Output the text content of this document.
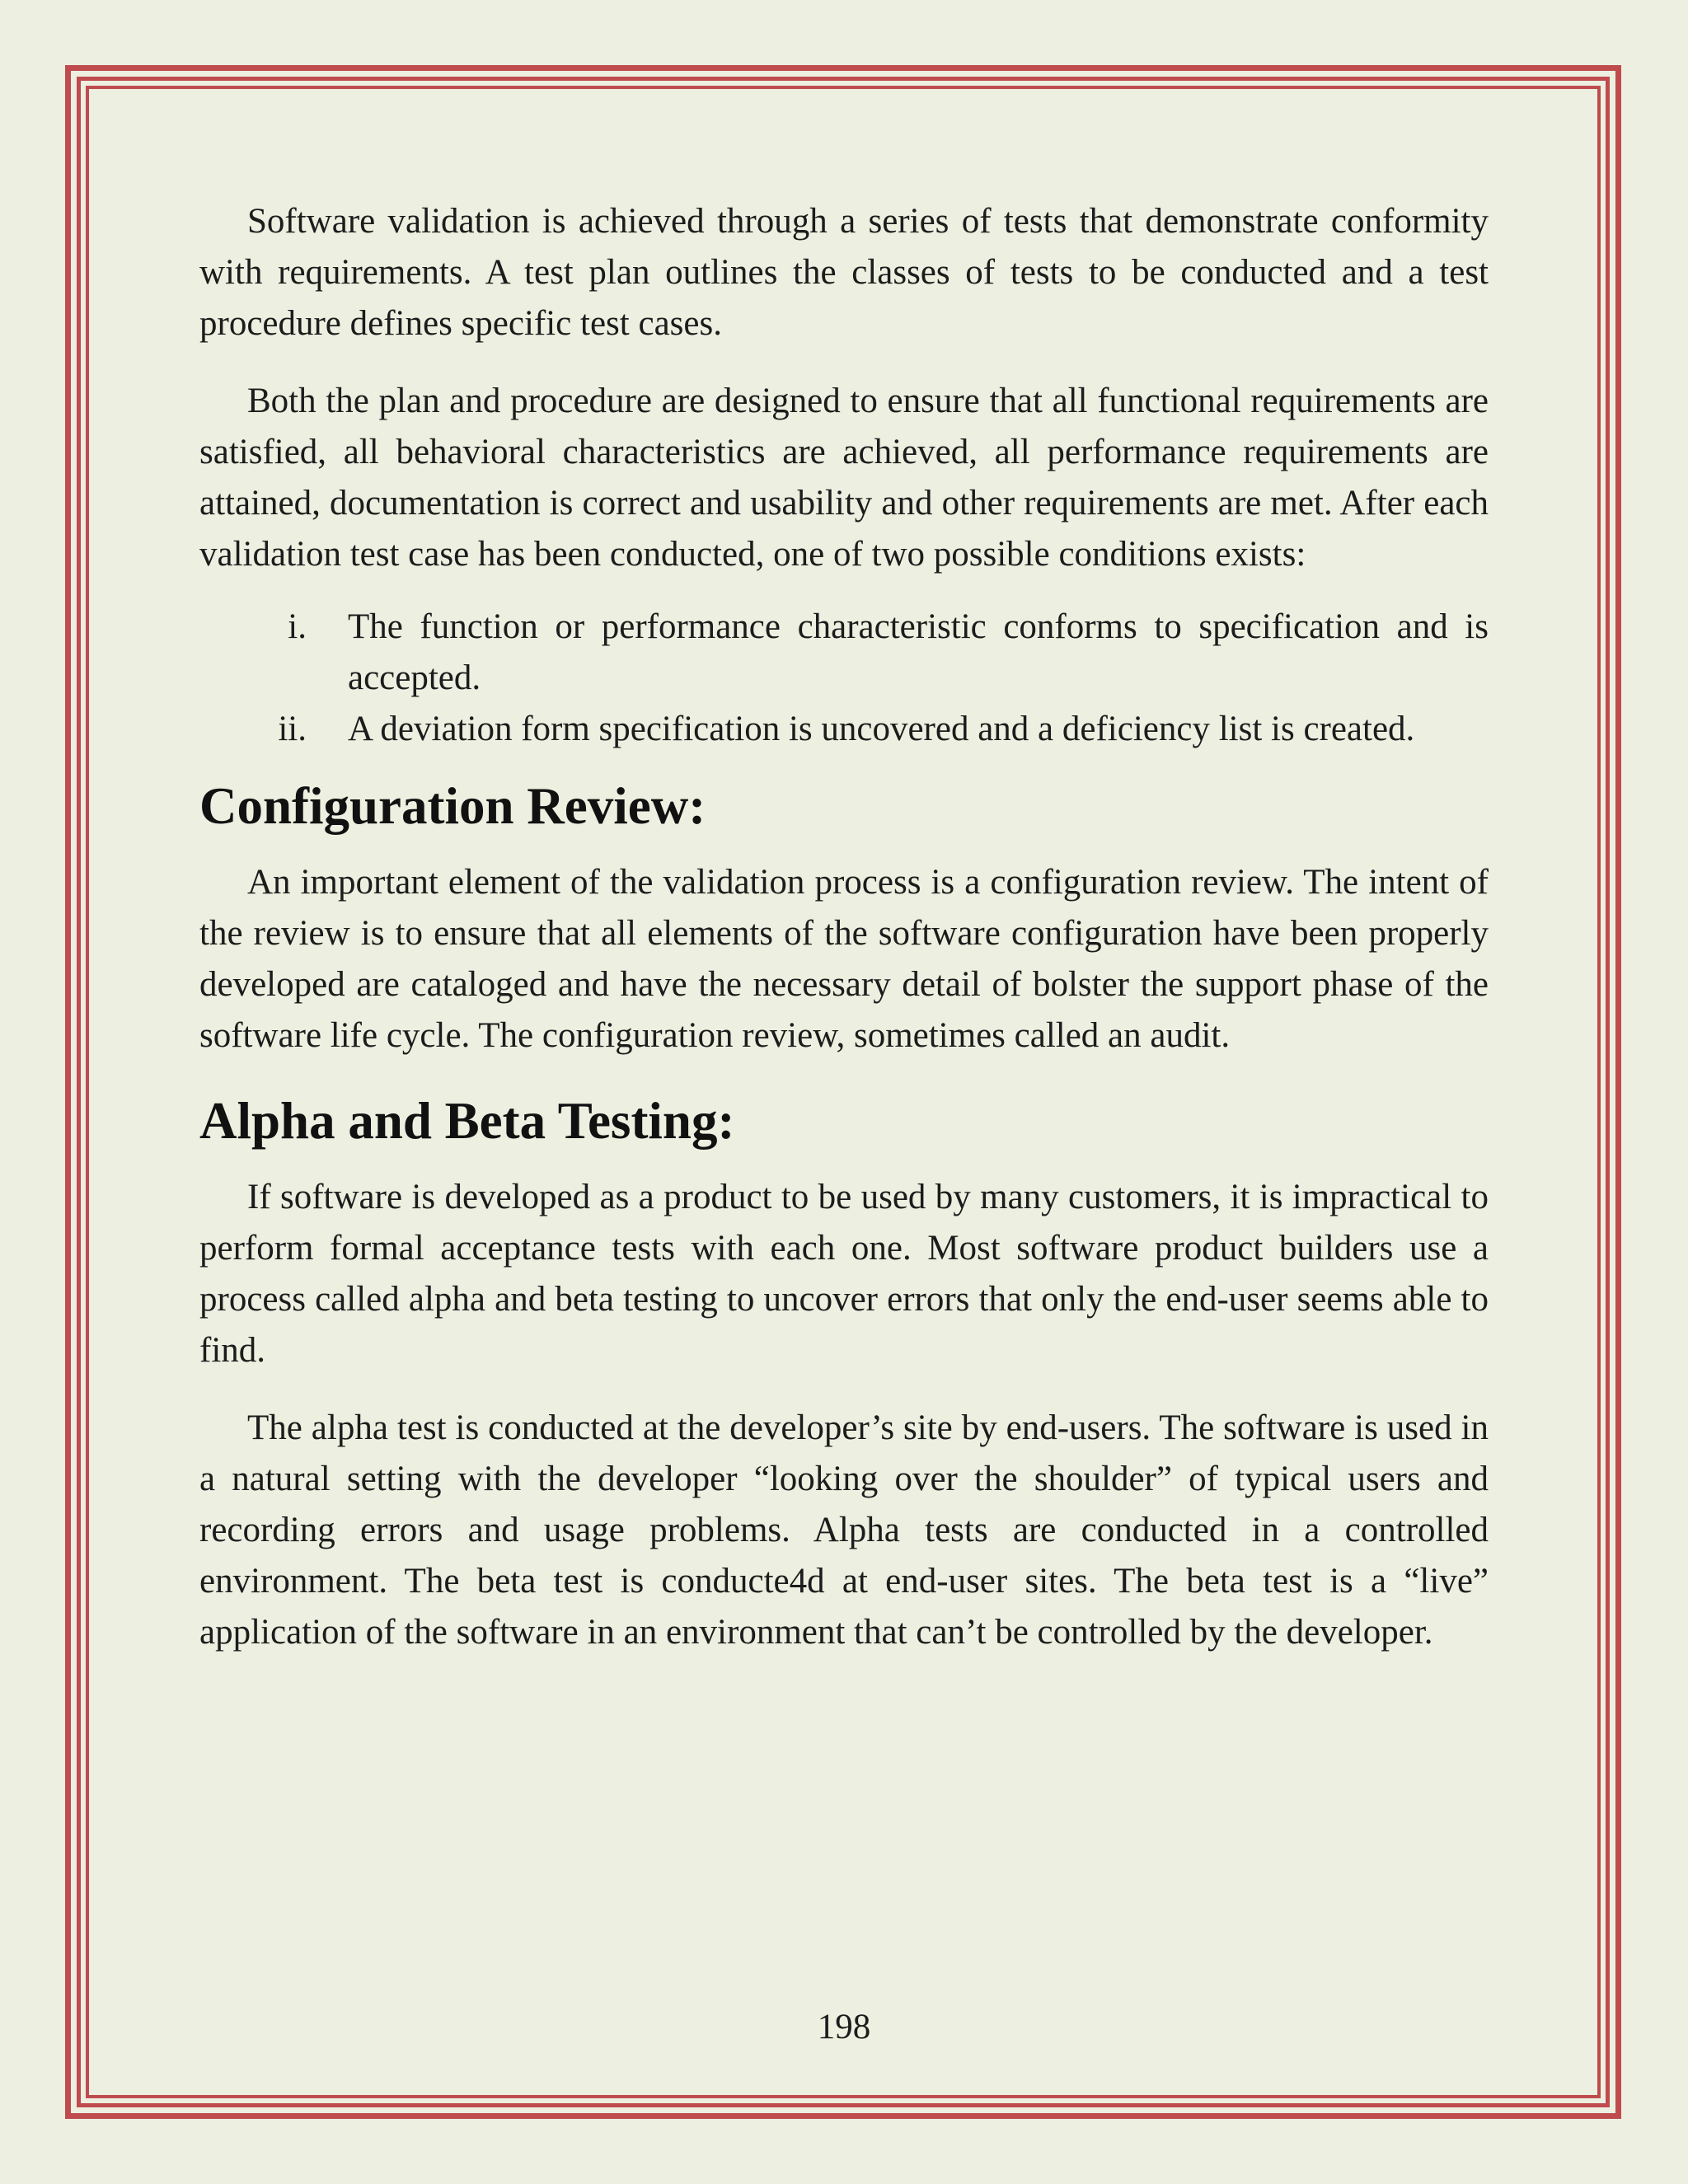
Software validation is achieved through a series of tests that demonstrate conformity with requirements. A test plan outlines the classes of tests to be conducted and a test procedure defines specific test cases.

Both the plan and procedure are designed to ensure that all functional requirements are satisfied, all behavioral characteristics are achieved, all performance requirements are attained, documentation is correct and usability and other requirements are met. After each validation test case has been conducted, one of two possible conditions exists:

i. The function or performance characteristic conforms to specification and is accepted.
ii. A deviation form specification is uncovered and a deficiency list is created.
Configuration Review:

An important element of the validation process is a configuration review. The intent of the review is to ensure that all elements of the software configuration have been properly developed are cataloged and have the necessary detail of bolster the support phase of the software life cycle. The configuration review, sometimes called an audit.

Alpha and Beta Testing:

If software is developed as a product to be used by many customers, it is impractical to perform formal acceptance tests with each one. Most software product builders use a process called alpha and beta testing to uncover errors that only the end-user seems able to find.

The alpha test is conducted at the developer’s site by end-users. The software is used in a natural setting with the developer “looking over the shoulder” of typical users and recording errors and usage problems. Alpha tests are conducted in a controlled environment. The beta test is conducte4d at end-user sites. The beta test is a “live” application of the software in an environment that can’t be controlled by the developer.

198
